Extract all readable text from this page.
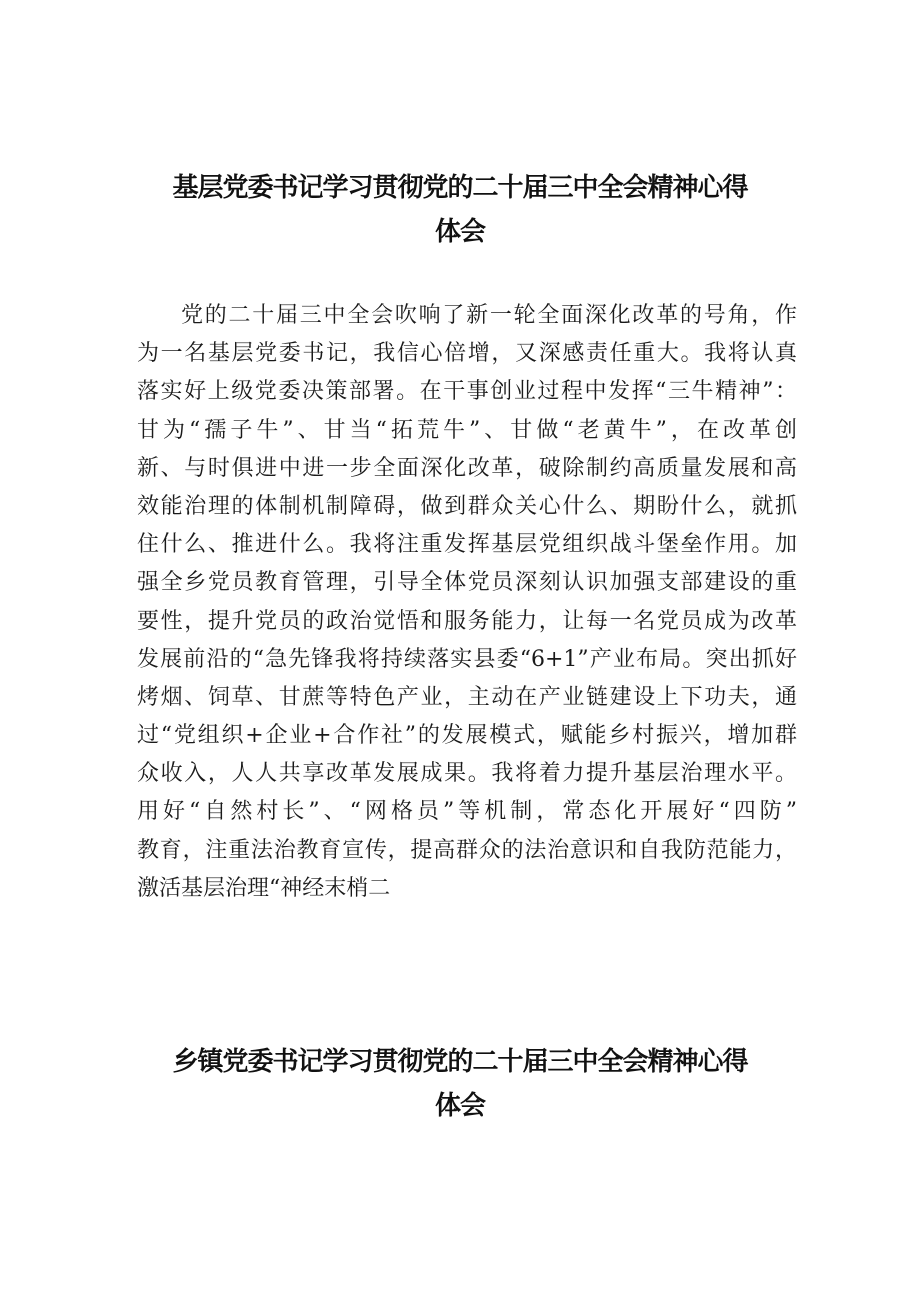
基层党委书记学习贯彻党的二十届三中全会精神心得
体会
党的二十届三中全会吹响了新一轮全面深化改革的号角，作
为一名基层党委书记，我信心倍增，又深感责任重大。我将认真
落实好上级党委决策部署。在干事创业过程中发挥“三牛精神”：
甘为“孺子牛”、甘当“拓荒牛”、甘做“老黄牛”，在改革创
新、与时俱进中进一步全面深化改革，破除制约高质量发展和高
效能治理的体制机制障碍，做到群众关心什么、期盼什么，就抓
住什么、推进什么。我将注重发挥基层党组织战斗堡垒作用。加
强全乡党员教育管理，引导全体党员深刻认识加强支部建设的重
要性，提升党员的政治觉悟和服务能力，让每一名党员成为改革
发展前沿的“急先锋我将持续落实县委“6+1”产业布局。突出抓好
烤烟、饲草、甘蔗等特色产业，主动在产业链建设上下功夫，通
过“党组织+企业+合作社”的发展模式，赋能乡村振兴，增加群
众收入，人人共享改革发展成果。我将着力提升基层治理水平。
用好“自然村长”、“网格员”等机制，常态化开展好“四防”
教育，注重法治教育宣传，提高群众的法治意识和自我防范能力，
激活基层治理“神经末梢二
乡镇党委书记学习贯彻党的二十届三中全会精神心得
体会
